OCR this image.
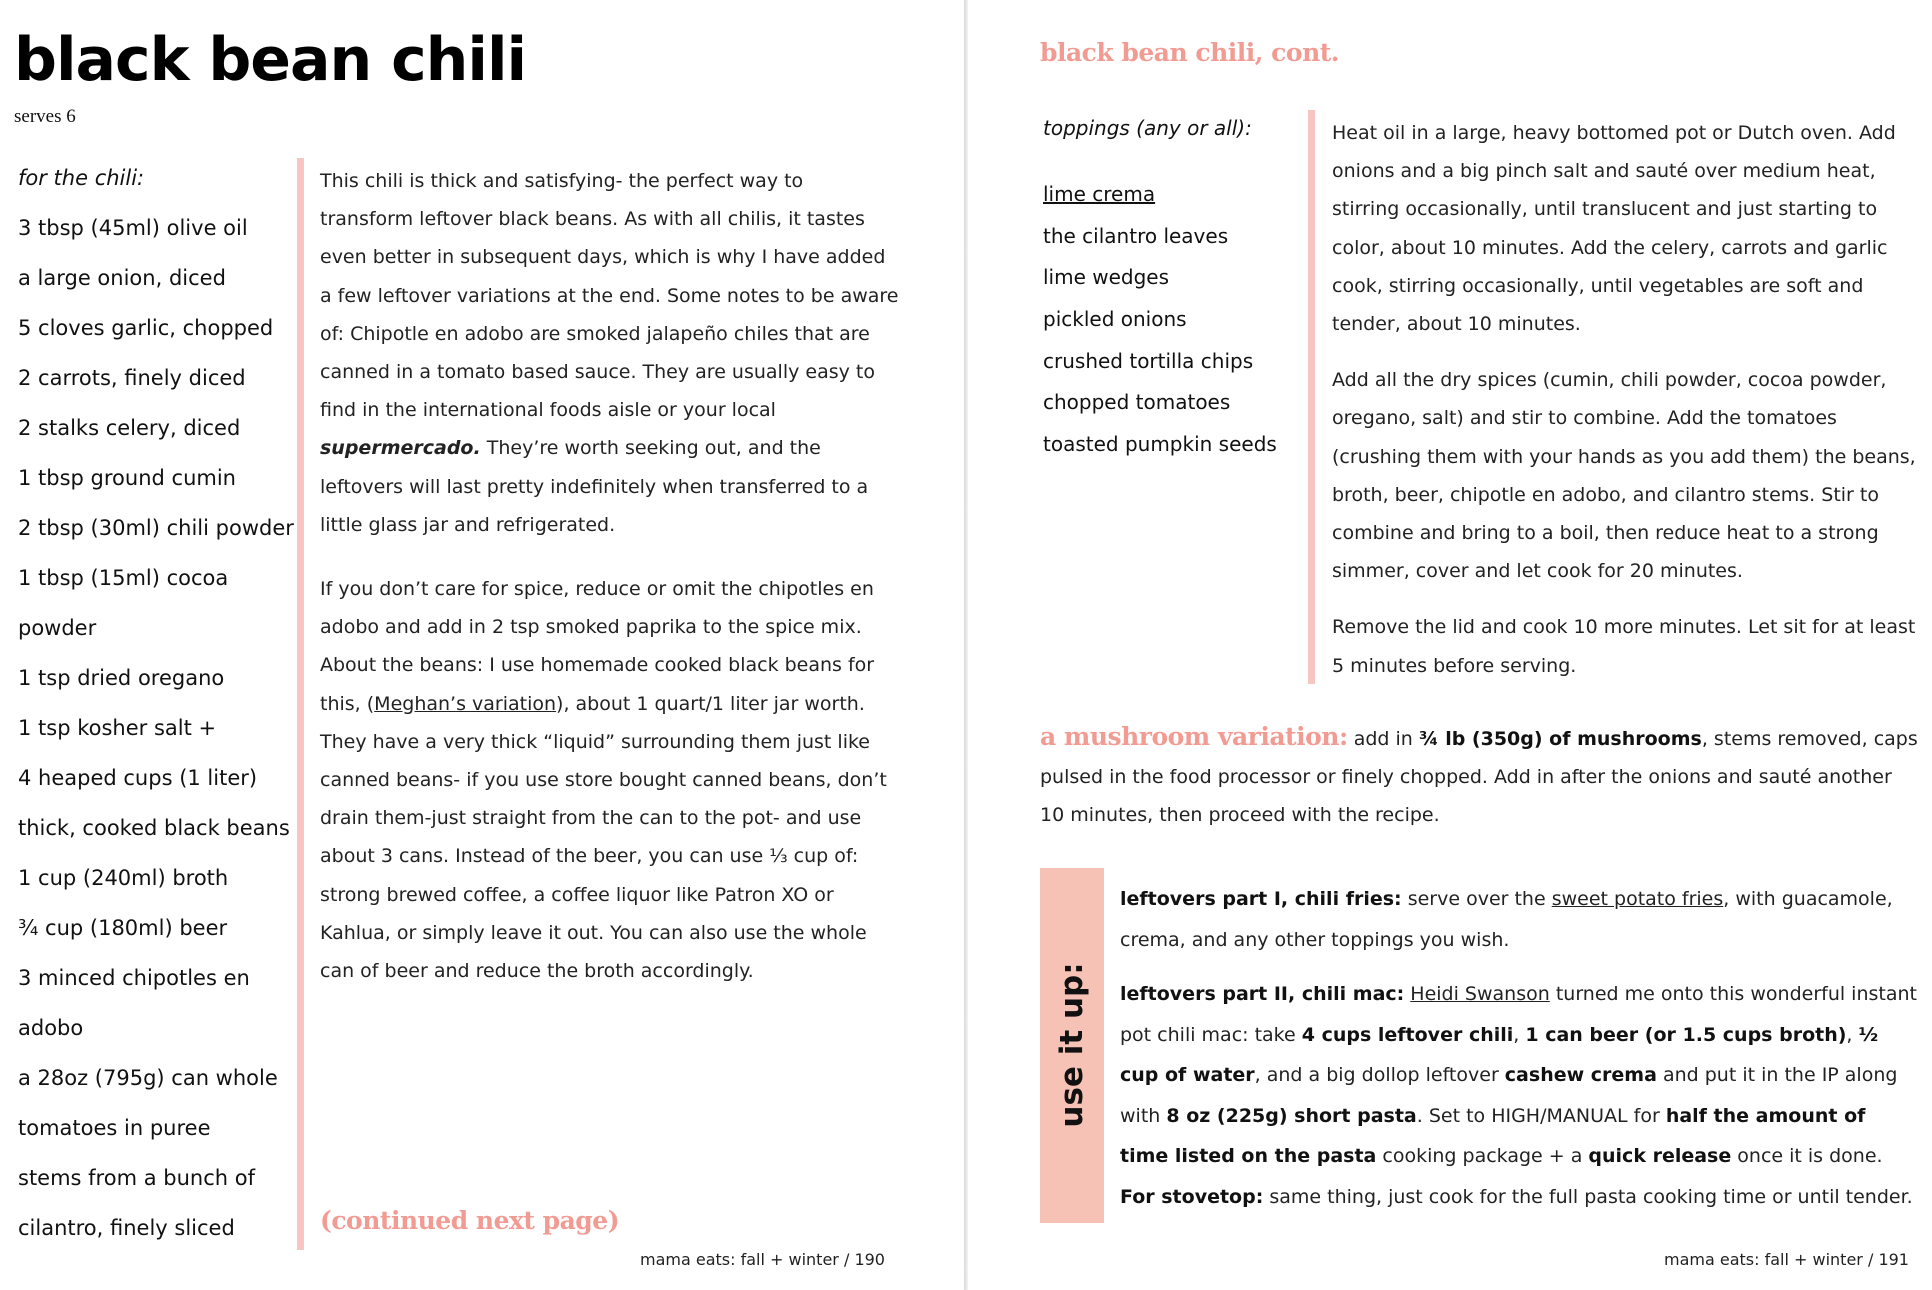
black bean chili
serves 6
for the chili:
3 tbsp (45ml) olive oil
a large onion, diced
5 cloves garlic, chopped
2 carrots, finely diced
2 stalks celery, diced
1 tbsp ground cumin
2 tbsp (30ml) chili powder
1 tbsp (15ml) cocoa
powder
1 tsp dried oregano
1 tsp kosher salt +
4 heaped cups (1 liter)
thick, cooked black beans
1 cup (240ml) broth
¾ cup (180ml) beer
3 minced chipotles en
adobo
a 28oz (795g) can whole
tomatoes in puree
stems from a bunch of
cilantro, finely sliced

This chili is thick and satisfying- the perfect way to transform leftover black beans. As with all chilis, it tastes even better in subsequent days, which is why I have added a few leftover variations at the end. Some notes to be aware of: Chipotle en adobo are smoked jalapeño chiles that are canned in a tomato based sauce. They are usually easy to find in the international foods aisle or your local supermercado. They’re worth seeking out, and the leftovers will last pretty indefinitely when transferred to a little glass jar and refrigerated.

If you don’t care for spice, reduce or omit the chipotles en adobo and add in 2 tsp smoked paprika to the spice mix. About the beans: I use homemade cooked black beans for this, (Meghan’s variation), about 1 quart/1 liter jar worth. They have a very thick “liquid” surrounding them just like canned beans- if you use store bought canned beans, don’t drain them-just straight from the can to the pot- and use about 3 cans. Instead of the beer, you can use ⅓ cup of: strong brewed coffee, a coffee liquor like Patron XO or Kahlua, or simply leave it out. You can also use the whole can of beer and reduce the broth accordingly.

(continued next page)
mama eats: fall + winter / 190
black bean chili, cont.
toppings (any or all):
lime crema
the cilantro leaves
lime wedges
pickled onions
crushed tortilla chips
chopped tomatoes
toasted pumpkin seeds

Heat oil in a large, heavy bottomed pot or Dutch oven. Add onions and a big pinch salt and sauté over medium heat, stirring occasionally, until translucent and just starting to color, about 10 minutes. Add the celery, carrots and garlic cook, stirring occasionally, until vegetables are soft and tender, about 10 minutes.

Add all the dry spices (cumin, chili powder, cocoa powder, oregano, salt) and stir to combine. Add the tomatoes (crushing them with your hands as you add them) the beans, broth, beer, chipotle en adobo, and cilantro stems. Stir to combine and bring to a boil, then reduce heat to a strong simmer, cover and let cook for 20 minutes.

Remove the lid and cook 10 more minutes. Let sit for at least 5 minutes before serving.

a mushroom variation: add in ¾ lb (350g) of mushrooms, stems removed, caps pulsed in the food processor or finely chopped. Add in after the onions and sauté another 10 minutes, then proceed with the recipe.
use it up:

leftovers part I, chili fries: serve over the sweet potato fries, with guacamole, crema, and any other toppings you wish.

leftovers part II, chili mac: Heidi Swanson turned me onto this wonderful instant pot chili mac: take 4 cups leftover chili, 1 can beer (or 1.5 cups broth), ½ cup of water, and a big dollop leftover cashew crema and put it in the IP along with 8 oz (225g) short pasta. Set to HIGH/MANUAL for half the amount of time listed on the pasta cooking package + a quick release once it is done. For stovetop: same thing, just cook for the full pasta cooking time or until tender.

mama eats: fall + winter / 191
